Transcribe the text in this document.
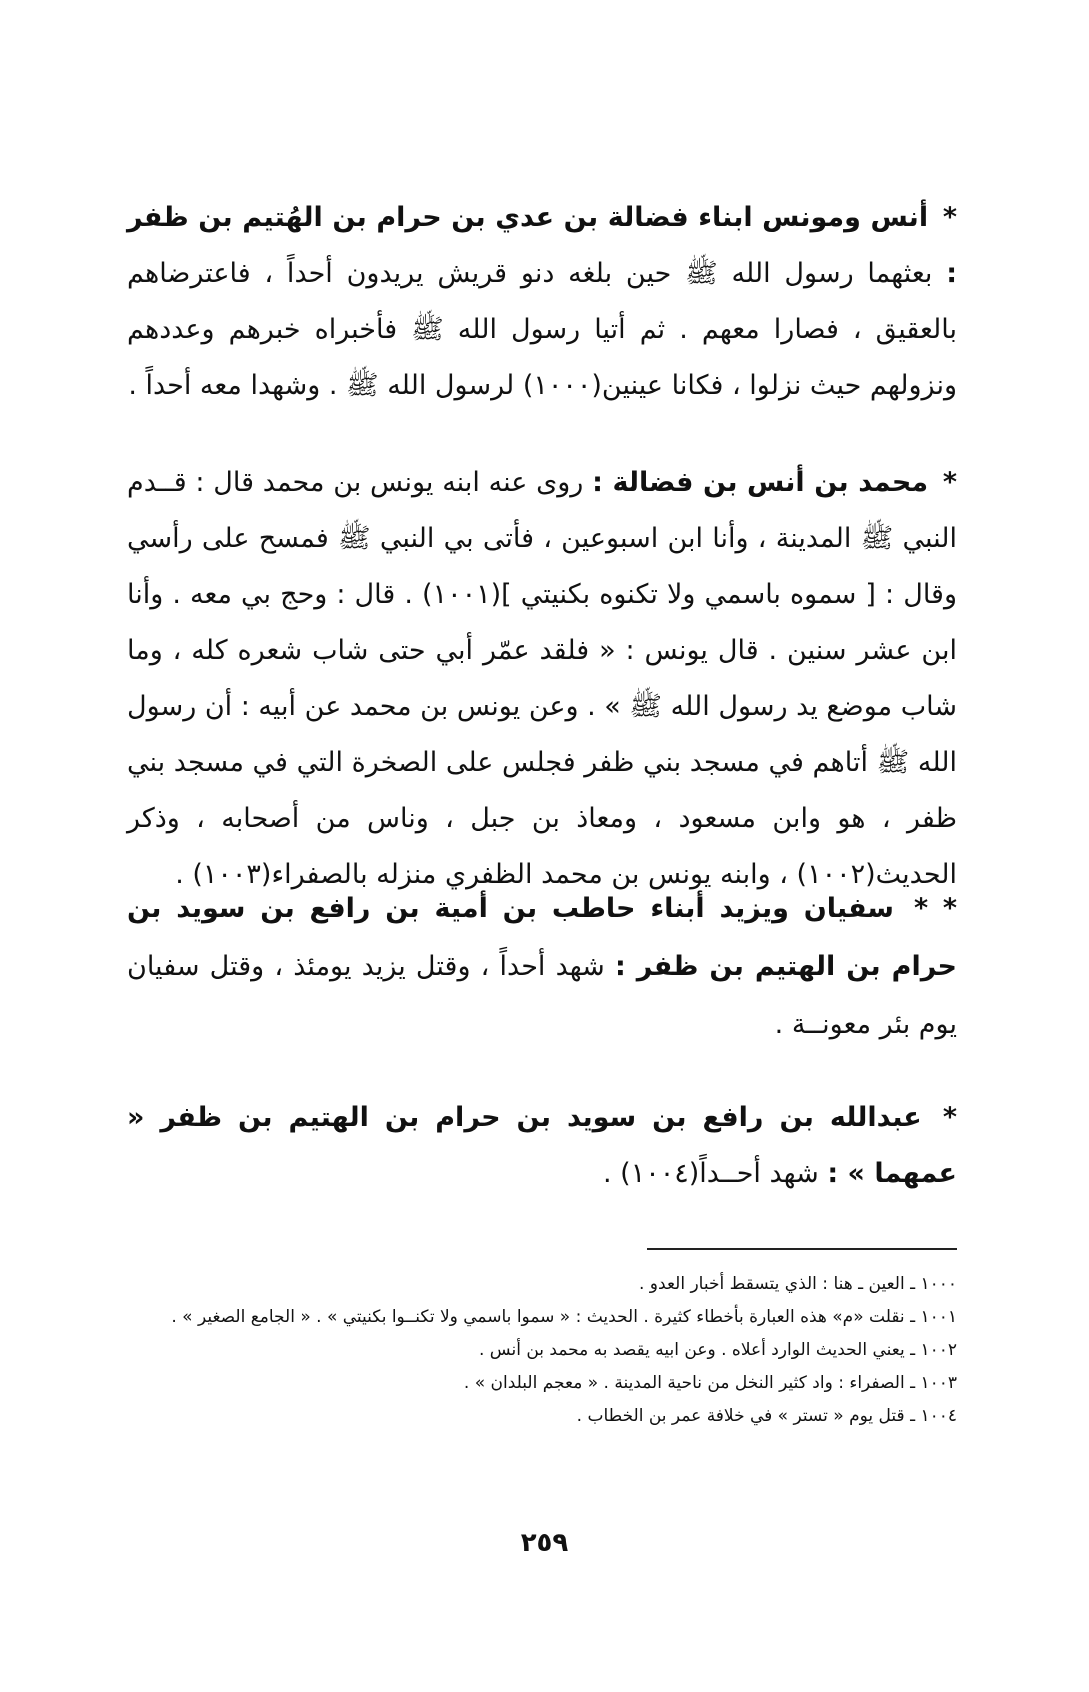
* أنس ومونس ابناء فضالة بن عدي بن حرام بن الهُتيم بن ظفر : بعثهما رسول الله ﷺ حين بلغه دنو قريش يريدون أحداً ، فاعترضاهم بالعقيق ، فصارا معهم . ثم أتيا رسول الله ﷺ فأخبراه خبرهم وعددهم ونزولهم حيث نزلوا ، فكانا عينين(١٠٠٠) لرسول الله ﷺ . وشهدا معه أحداً .

* محمد بن أنس بن فضالة : روى عنه ابنه يونس بن محمد قال : قــدم النبي ﷺ المدينة ، وأنا ابن اسبوعين ، فأتى بي النبي ﷺ فمسح على رأسي وقال : [ سموه باسمي ولا تكنوه بكنيتي ](١٠٠١) . قال : وحج بي معه . وأنا ابن عشر سنين . قال يونس : « فلقد عمّر أبي حتى شاب شعره كله ، وما شاب موضع يد رسول الله ﷺ » . وعن يونس بن محمد عن أبيه : أن رسول الله ﷺ أتاهم في مسجد بني ظفر فجلس على الصخرة التي في مسجد بني ظفر ، هو وابن مسعود ، ومعاذ بن جبل ، وناس من أصحابه ، وذكر الحديث(١٠٠٢) ، وابنه يونس بن محمد الظفري منزله بالصفراء(١٠٠٣) .

* * سفيان ويزيد أبناء حاطب بن أمية بن رافع بن سويد بن حرام بن الهتيم بن ظفر : شهد أحداً ، وقتل يزيد يومئذ ، وقتل سفيان يوم بئر معونــة .

* عبدالله بن رافع بن سويد بن حرام بن الهتيم بن ظفر « عمهما » : شهد أحــداً(١٠٠٤) .

١٠٠٠ ـ العين ـ هنا : الذي يتسقط أخبار العدو .
١٠٠١ ـ نقلت «م» هذه العبارة بأخطاء كثيرة . الحديث : « سموا باسمي ولا تكنــوا بكنيتي » . « الجامع الصغير » .
١٠٠٢ ـ يعني الحديث الوارد أعلاه . وعن ابيه يقصد به محمد بن أنس .
١٠٠٣ ـ الصفراء : واد كثير النخل من ناحية المدينة . « معجم البلدان » .
١٠٠٤ ـ قتل يوم « تستر » في خلافة عمر بن الخطاب .
٢٥٩
